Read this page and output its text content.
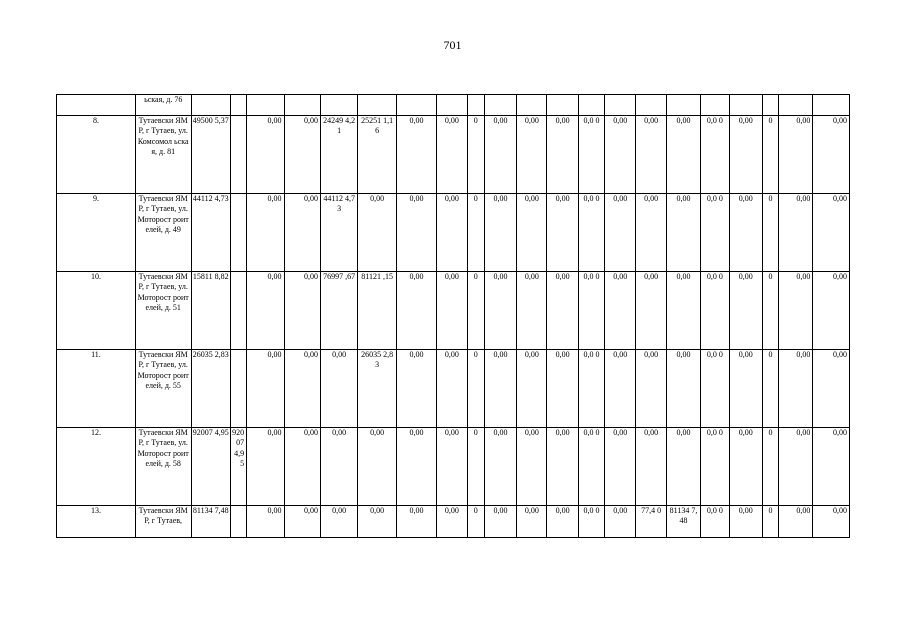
701
	ьская, д. 76																					
8.	Тутаевски ЯМР, г Тутаев, ул. Комсомол ьская, д. 81	49500 5,37		0,00	0,00	24249 4,21	25251 1,16	0,00	0,00	0	0,00	0,00	0,00	0,0 0	0,00	0,00	0,00	0,0 0	0,00	0	0,00	0,00
9.	Тутаевски ЯМР, г Тутаев, ул. Моторост роителей, д. 49	44112 4,73		0,00	0,00	44112 4,73	0,00	0,00	0,00	0	0,00	0,00	0,00	0,0 0	0,00	0,00	0,00	0,0 0	0,00	0	0,00	0,00
10.	Тутаевски ЯМР, г Тутаев, ул. Моторост роителей, д. 51	15811 8,82		0,00	0,00	76997 ,67	81121 ,15	0,00	0,00	0	0,00	0,00	0,00	0,0 0	0,00	0,00	0,00	0,0 0	0,00	0	0,00	0,00
11.	Тутаевски ЯМР, г Тутаев, ул. Моторост роителей, д. 55	26035 2,83		0,00	0,00	0,00	26035 2,83	0,00	0,00	0	0,00	0,00	0,00	0,0 0	0,00	0,00	0,00	0,0 0	0,00	0	0,00	0,00
12.	Тутаевски ЯМР, г Тутаев, ул. Моторост роителей, д. 58	92007 4,95	92007 4,95	0,00	0,00	0,00	0,00	0,00	0,00	0	0,00	0,00	0,00	0,0 0	0,00	0,00	0,00	0,0 0	0,00	0	0,00	0,00
13.	Тутаевски ЯМР, г Тутаев,	81134 7,48		0,00	0,00	0,00	0,00	0,00	0,00	0	0,00	0,00	0,00	0,0 0	0,00	77,4 0	81134 7,48	0,0 0	0,00	0	0,00	0,00
